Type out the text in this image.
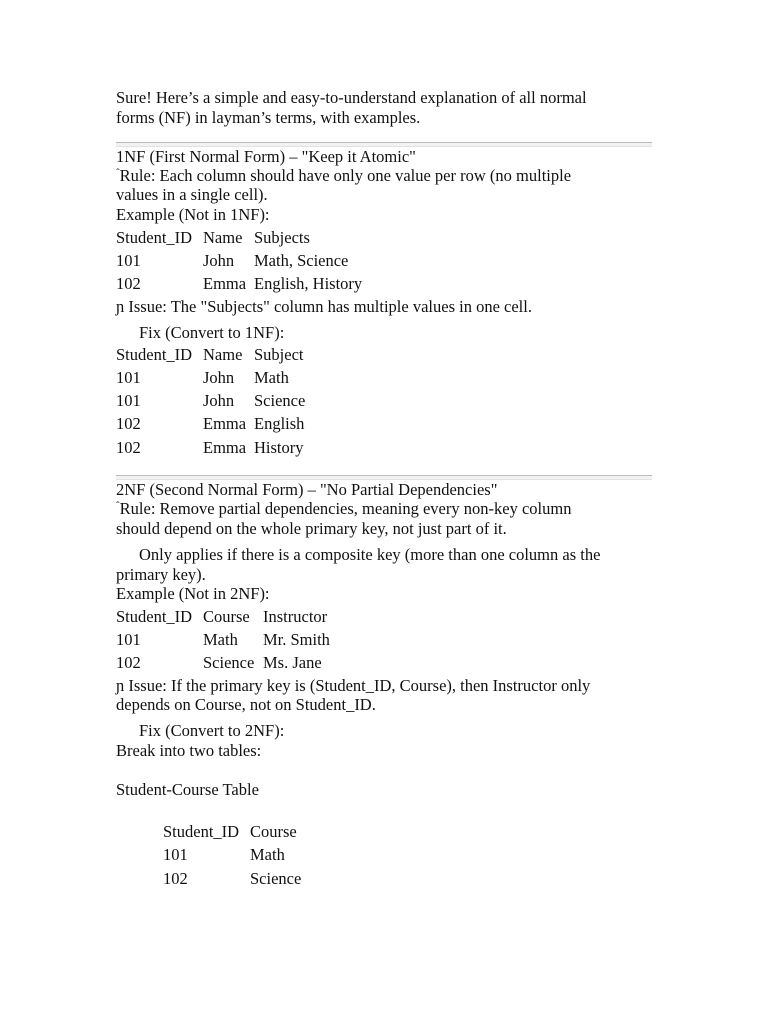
Sure! Here’s a simple and easy-to-understand explanation of all normal
forms (NF) in layman’s terms, with examples.
1NF (First Normal Form) – "Keep it Atomic"
$^ˆ$Rule: Each column should have only one value per row (no multiple
values in a single cell).
Example (Not in 1NF):
Student_ID Name Subjects
101	John Math, Science
102	Emma English, History
ɲ Issue: The "Subjects" column has multiple values in one cell.
Fix (Convert to 1NF):
Student_ID Name Subject
101	John Math
101	John Science
102	Emma English
102	Emma History
2NF (Second Normal Form) – "No Partial Dependencies"
$^ˆ$Rule: Remove partial dependencies, meaning every non-key column
should depend on the whole primary key, not just part of it.
Only applies if there is a composite key (more than one column as the
primary key).
Example (Not in 2NF):
Student_ID Course Instructor
101	Math Mr. Smith
102	Science Ms. Jane
ɲ Issue: If the primary key is (Student_ID, Course), then Instructor only
depends on Course, not on Student_ID.
Fix (Convert to 2NF):
Break into two tables:
Student-Course Table
Student_ID Course
101	Math
102	Science
